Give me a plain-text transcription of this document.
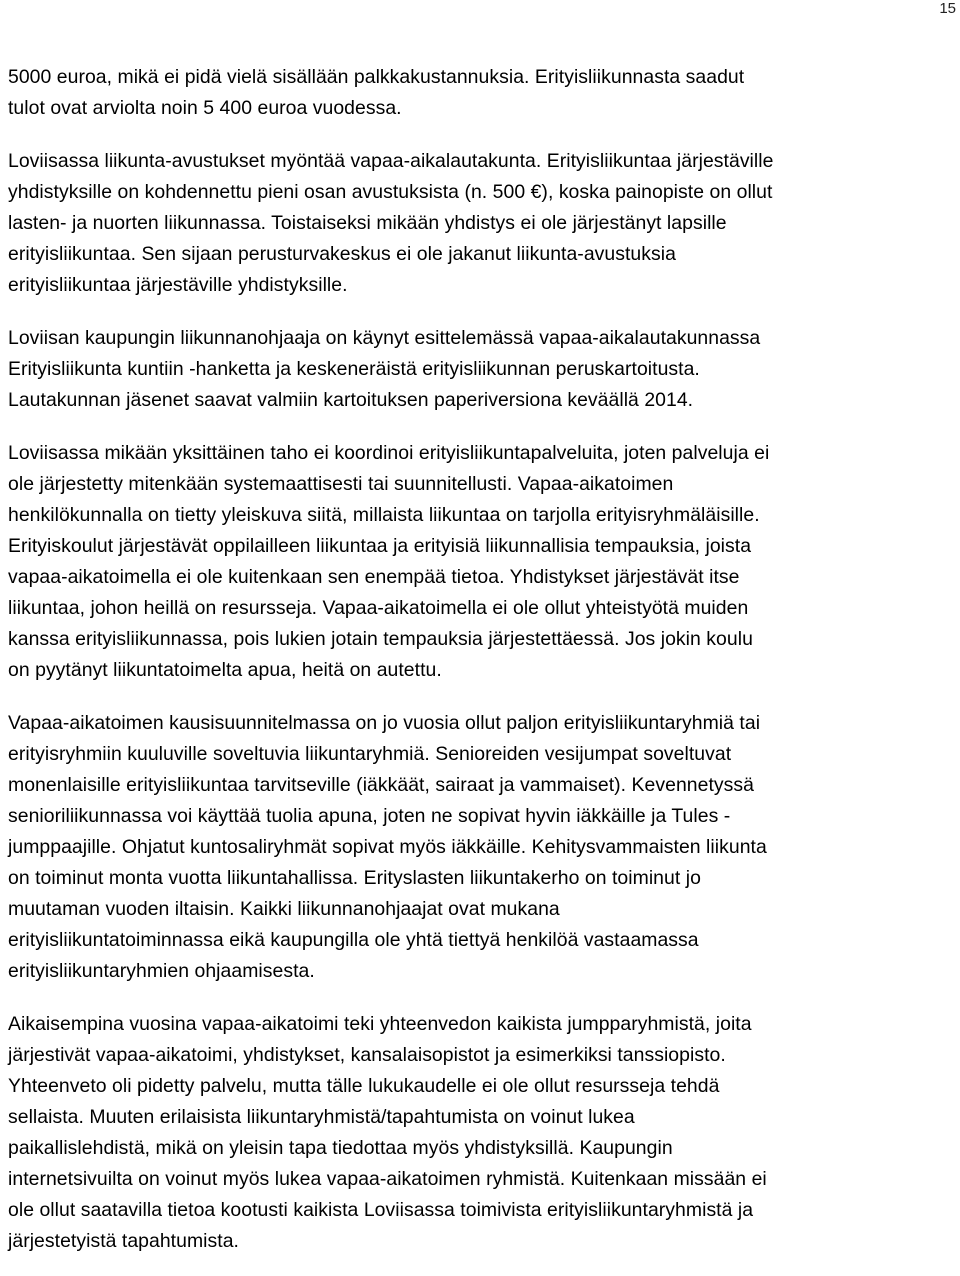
15

5000 euroa, mikä ei pidä vielä sisällään palkkakustannuksia. Erityisliikunnasta saadut
tulot ovat arviolta noin 5 400 euroa vuodessa.

Loviisassa liikunta-avustukset myöntää vapaa-aikalautakunta. Erityisliikuntaa järjestäville
yhdistyksille on kohdennettu pieni osan avustuksista (n. 500 €), koska painopiste on ollut
lasten- ja nuorten liikunnassa. Toistaiseksi mikään yhdistys ei ole järjestänyt lapsille
erityisliikuntaa. Sen sijaan perusturvakeskus ei ole jakanut liikunta-avustuksia
erityisliikuntaa järjestäville yhdistyksille.

Loviisan kaupungin liikunnanohjaaja on käynyt esittelemässä vapaa-aikalautakunnassa
Erityisliikunta kuntiin -hanketta ja keskeneräistä erityisliikunnan peruskartoitusta.
Lautakunnan jäsenet saavat valmiin kartoituksen paperiversiona keväällä 2014.

Loviisassa mikään yksittäinen taho ei koordinoi erityisliikuntapalveluita, joten palveluja ei
ole järjestetty mitenkään systemaattisesti tai suunnitellusti. Vapaa-aikatoimen
henkilökunnalla on tietty yleiskuva siitä, millaista liikuntaa on tarjolla erityisryhmäläisille.
Erityiskoulut järjestävät oppilailleen liikuntaa ja erityisiä liikunnallisia tempauksia, joista
vapaa-aikatoimella ei ole kuitenkaan sen enempää tietoa. Yhdistykset järjestävät itse
liikuntaa, johon heillä on resursseja. Vapaa-aikatoimella ei ole ollut yhteistyötä muiden
kanssa erityisliikunnassa, pois lukien jotain tempauksia järjestettäessä. Jos jokin koulu
on pyytänyt liikuntatoimelta apua, heitä on autettu.

Vapaa-aikatoimen kausisuunnitelmassa on jo vuosia ollut paljon erityisliikuntaryhmiä tai
erityisryhmiin kuuluville soveltuvia liikuntaryhmiä. Senioreiden vesijumpat soveltuvat
monenlaisille erityisliikuntaa tarvitseville (iäkkäät, sairaat ja vammaiset). Kevennetyssä
senioriliikunnassa voi käyttää tuolia apuna, joten ne sopivat hyvin iäkkäille ja Tules -
jumppaajille. Ohjatut kuntosaliryhmät sopivat myös iäkkäille. Kehitysvammaisten liikunta
on toiminut monta vuotta liikuntahallissa. Erityslasten liikuntakerho on toiminut jo
muutaman vuoden iltaisin. Kaikki liikunnanohjaajat ovat mukana
erityisliikuntatoiminnassa eikä kaupungilla ole yhtä tiettyä henkilöä vastaamassa
erityisliikuntaryhmien ohjaamisesta.

Aikaisempina vuosina vapaa-aikatoimi teki yhteenvedon kaikista jumpparyhmistä, joita
järjestivät vapaa-aikatoimi, yhdistykset, kansalaisopistot ja esimerkiksi tanssiopisto.
Yhteenveto oli pidetty palvelu, mutta tälle lukukaudelle ei ole ollut resursseja tehdä
sellaista. Muuten erilaisista liikuntaryhmistä/tapahtumista on voinut lukea
paikallislehdistä, mikä on yleisin tapa tiedottaa myös yhdistyksillä. Kaupungin
internetsivuilta on voinut myös lukea vapaa-aikatoimen ryhmistä. Kuitenkaan missään ei
ole ollut saatavilla tietoa kootusti kaikista Loviisassa toimivista erityisliikuntaryhmistä ja
järjestetyistä tapahtumista.
